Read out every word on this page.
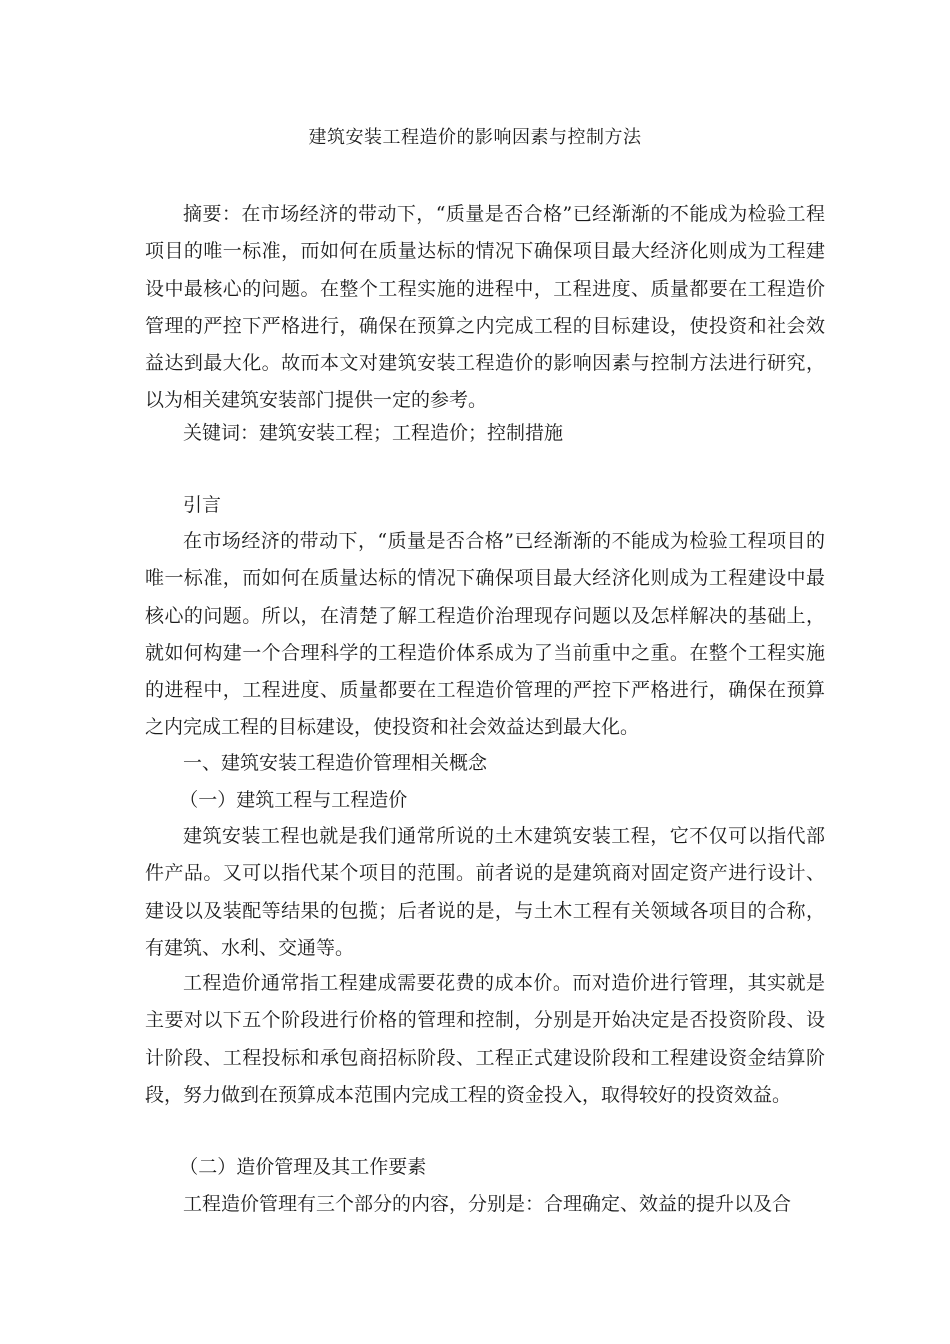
建筑安装工程造价的影响因素与控制方法

摘要：在市场经济的带动下，“质量是否合格”已经渐渐的不能成为检验工程项目的唯一标准，而如何在质量达标的情况下确保项目最大经济化则成为工程建设中最核心的问题。在整个工程实施的进程中，工程进度、质量都要在工程造价管理的严控下严格进行，确保在预算之内完成工程的目标建设，使投资和社会效益达到最大化。故而本文对建筑安装工程造价的影响因素与控制方法进行研究，以为相关建筑安装部门提供一定的参考。

关键词：建筑安装工程；工程造价；控制措施

引言

在市场经济的带动下，“质量是否合格”已经渐渐的不能成为检验工程项目的唯一标准，而如何在质量达标的情况下确保项目最大经济化则成为工程建设中最核心的问题。所以，在清楚了解工程造价治理现存问题以及怎样解决的基础上，就如何构建一个合理科学的工程造价体系成为了当前重中之重。在整个工程实施的进程中，工程进度、质量都要在工程造价管理的严控下严格进行，确保在预算之内完成工程的目标建设，使投资和社会效益达到最大化。

一、建筑安装工程造价管理相关概念

（一）建筑工程与工程造价

建筑安装工程也就是我们通常所说的土木建筑安装工程，它不仅可以指代部件产品。又可以指代某个项目的范围。前者说的是建筑商对固定资产进行设计、建设以及装配等结果的包揽；后者说的是，与土木工程有关领域各项目的合称，有建筑、水利、交通等。

工程造价通常指工程建成需要花费的成本价。而对造价进行管理，其实就是主要对以下五个阶段进行价格的管理和控制，分别是开始决定是否投资阶段、设计阶段、工程投标和承包商招标阶段、工程正式建设阶段和工程建设资金结算阶段，努力做到在预算成本范围内完成工程的资金投入，取得较好的投资效益。

（二）造价管理及其工作要素

工程造价管理有三个部分的内容，分别是：合理确定、效益的提升以及合
